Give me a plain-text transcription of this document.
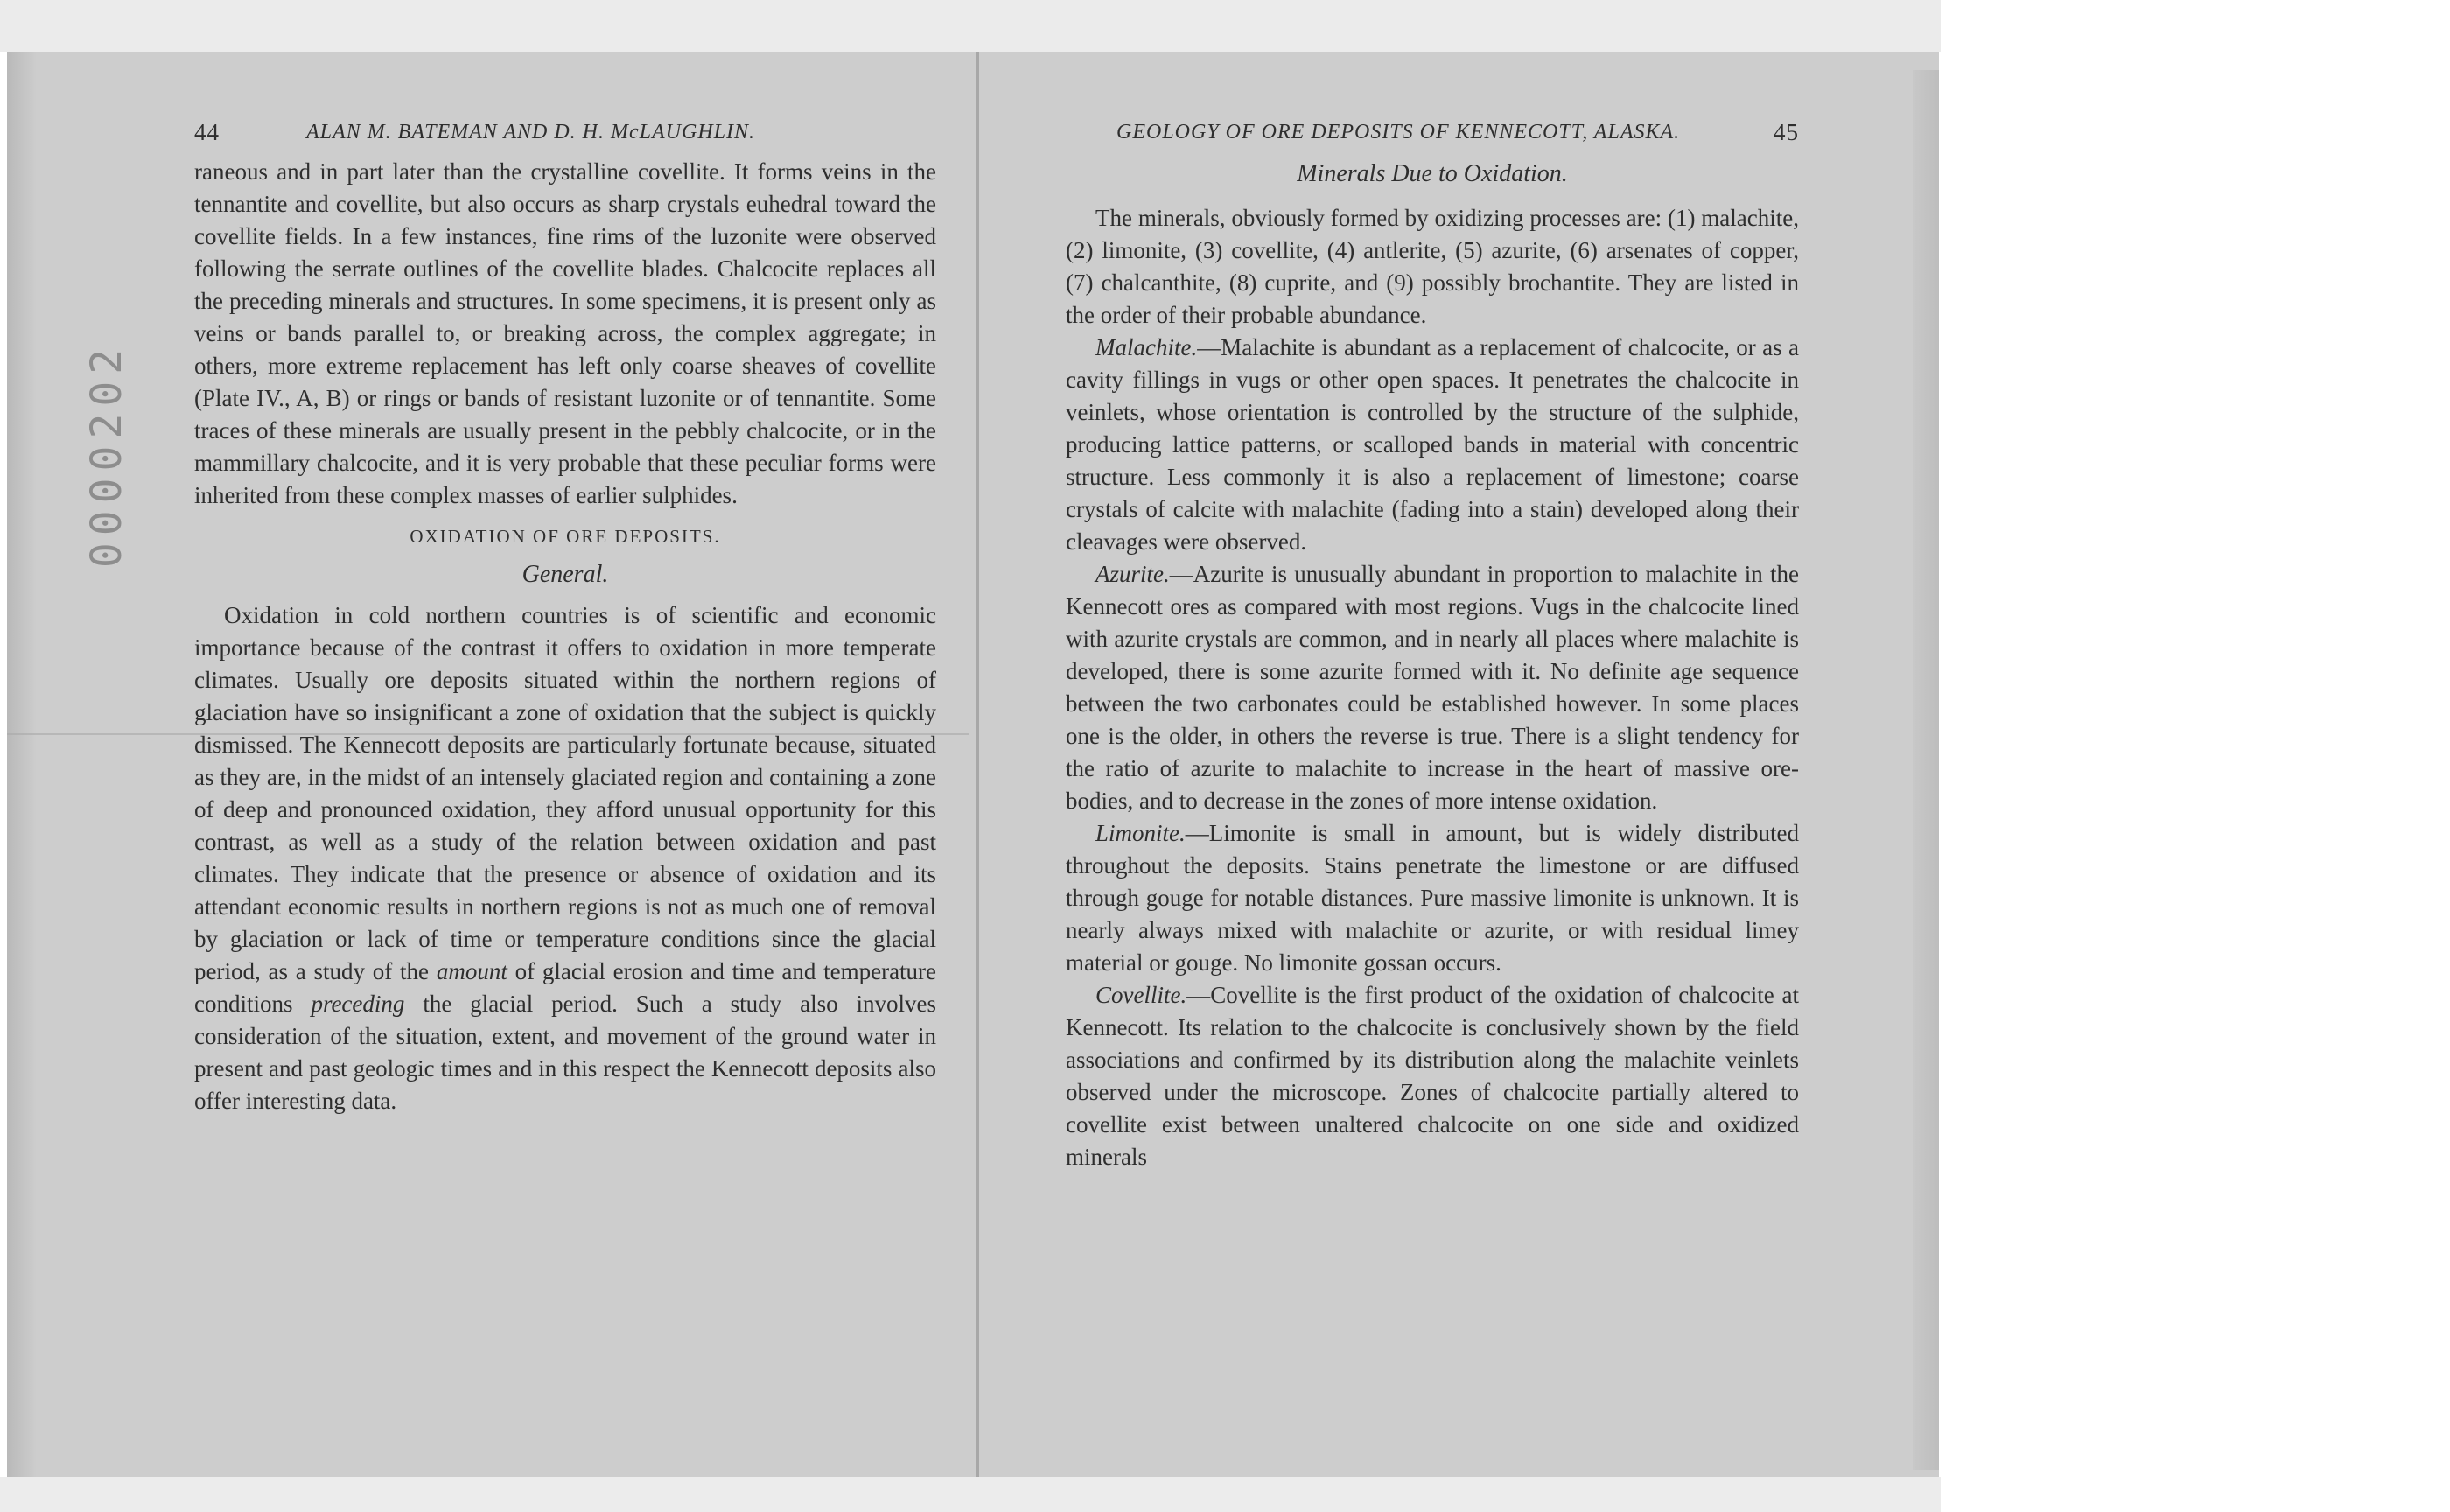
0000202
44	ALAN M. BATEMAN AND D. H. McLAUGHLIN.

raneous and in part later than the crystalline covellite. It forms veins in the tennantite and covellite, but also occurs as sharp crystals euhedral toward the covellite fields. In a few instances, fine rims of the luzonite were observed following the serrate outlines of the covellite blades. Chalcocite replaces all the preceding minerals and structures. In some specimens, it is present only as veins or bands parallel to, or breaking across, the complex aggregate; in others, more extreme replacement has left only coarse sheaves of covellite (Plate IV., A, B) or rings or bands of resistant luzonite or of tennantite. Some traces of these minerals are usually present in the pebbly chalcocite, or in the mammillary chalcocite, and it is very probable that these peculiar forms were inherited from these complex masses of earlier sulphides.

OXIDATION OF ORE DEPOSITS.
General.

Oxidation in cold northern countries is of scientific and economic importance because of the contrast it offers to oxidation in more temperate climates. Usually ore deposits situated within the northern regions of glaciation have so insignificant a zone of oxidation that the subject is quickly dismissed. The Kennecott deposits are particularly fortunate because, situated as they are, in the midst of an intensely glaciated region and containing a zone of deep and pronounced oxidation, they afford unusual opportunity for this contrast, as well as a study of the relation between oxidation and past climates. They indicate that the presence or absence of oxidation and its attendant economic results in northern regions is not as much one of removal by glaciation or lack of time or temperature conditions since the glacial period, as a study of the amount of glacial erosion and time and temperature conditions preceding the glacial period. Such a study also involves consideration of the situation, extent, and movement of the ground water in present and past geologic times and in this respect the Kennecott deposits also offer interesting data.

GEOLOGY OF ORE DEPOSITS OF KENNECOTT, ALASKA.	45
Minerals Due to Oxidation.

The minerals, obviously formed by oxidizing processes are: (1) malachite, (2) limonite, (3) covellite, (4) antlerite, (5) azurite, (6) arsenates of copper, (7) chalcanthite, (8) cuprite, and (9) possibly brochantite. They are listed in the order of their probable abundance.

Malachite.—Malachite is abundant as a replacement of chalcocite, or as a cavity fillings in vugs or other open spaces. It penetrates the chalcocite in veinlets, whose orientation is controlled by the structure of the sulphide, producing lattice patterns, or scalloped bands in material with concentric structure. Less commonly it is also a replacement of limestone; coarse crystals of calcite with malachite (fading into a stain) developed along their cleavages were observed.

Azurite.—Azurite is unusually abundant in proportion to malachite in the Kennecott ores as compared with most regions. Vugs in the chalcocite lined with azurite crystals are common, and in nearly all places where malachite is developed, there is some azurite formed with it. No definite age sequence between the two carbonates could be established however. In some places one is the older, in others the reverse is true. There is a slight tendency for the ratio of azurite to malachite to increase in the heart of massive ore-bodies, and to decrease in the zones of more intense oxidation.

Limonite.—Limonite is small in amount, but is widely distributed throughout the deposits. Stains penetrate the limestone or are diffused through gouge for notable distances. Pure massive limonite is unknown. It is nearly always mixed with malachite or azurite, or with residual limey material or gouge. No limonite gossan occurs.

Covellite.—Covellite is the first product of the oxidation of chalcocite at Kennecott. Its relation to the chalcocite is conclusively shown by the field associations and confirmed by its distribution along the malachite veinlets observed under the microscope. Zones of chalcocite partially altered to covellite exist between unaltered chalcocite on one side and oxidized minerals
